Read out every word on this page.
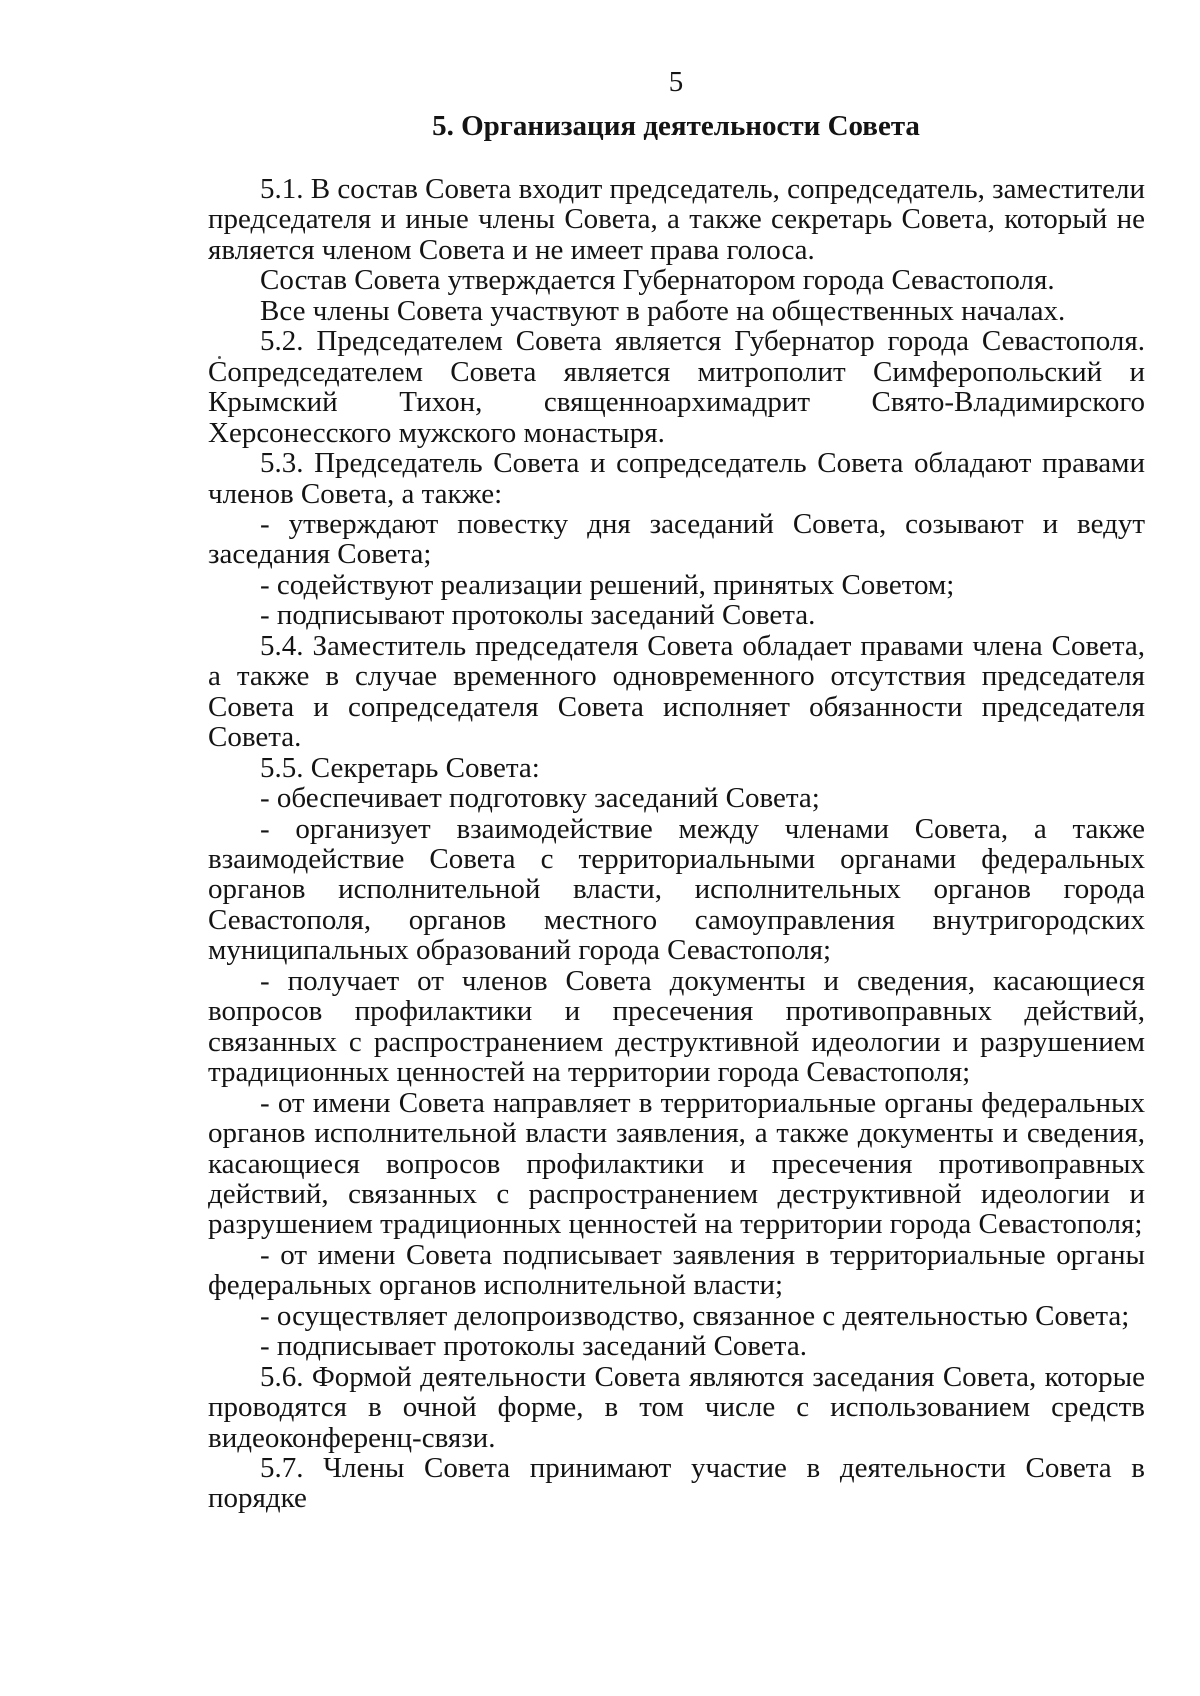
5
5. Организация деятельности Совета

5.1. В состав Совета входит председатель, сопредседатель, заместители председателя и иные члены Совета, а также секретарь Совета, который не является членом Совета и не имеет права голоса.

Состав Совета утверждается Губернатором города Севастополя.

Все члены Совета участвуют в работе на общественных началах.

5.2. Председателем Совета является Губернатор города Севастополя. Сопредседателем Совета является митрополит Симферопольский и Крымский Тихон, священноархимадрит Свято-Владимирского Херсонесского мужского монастыря.

5.3. Председатель Совета и сопредседатель Совета обладают правами членов Совета, а также:

- утверждают повестку дня заседаний Совета, созывают и ведут заседания Совета;

- содействуют реализации решений, принятых Советом;

- подписывают протоколы заседаний Совета.

5.4. Заместитель председателя Совета обладает правами члена Совета, а также в случае временного одновременного отсутствия председателя Совета и сопредседателя Совета исполняет обязанности председателя Совета.

5.5. Секретарь Совета:

- обеспечивает подготовку заседаний Совета;

- организует взаимодействие между членами Совета, а также взаимодействие Совета с территориальными органами федеральных органов исполнительной власти, исполнительных органов города Севастополя, органов местного самоуправления внутригородских муниципальных образований города Севастополя;

- получает от членов Совета документы и сведения, касающиеся вопросов профилактики и пресечения противоправных действий, связанных с распространением деструктивной идеологии и разрушением традиционных ценностей на территории города Севастополя;

- от имени Совета направляет в территориальные органы федеральных органов исполнительной власти заявления, а также документы и сведения, касающиеся вопросов профилактики и пресечения противоправных действий, связанных с распространением деструктивной идеологии и разрушением традиционных ценностей на территории города Севастополя;

- от имени Совета подписывает заявления в территориальные органы федеральных органов исполнительной власти;

- осуществляет делопроизводство, связанное с деятельностью Совета;

- подписывает протоколы заседаний Совета.

5.6. Формой деятельности Совета являются заседания Совета, которые проводятся в очной форме, в том числе с использованием средств видеоконференц-связи.

5.7. Члены Совета принимают участие в деятельности Совета в порядке
